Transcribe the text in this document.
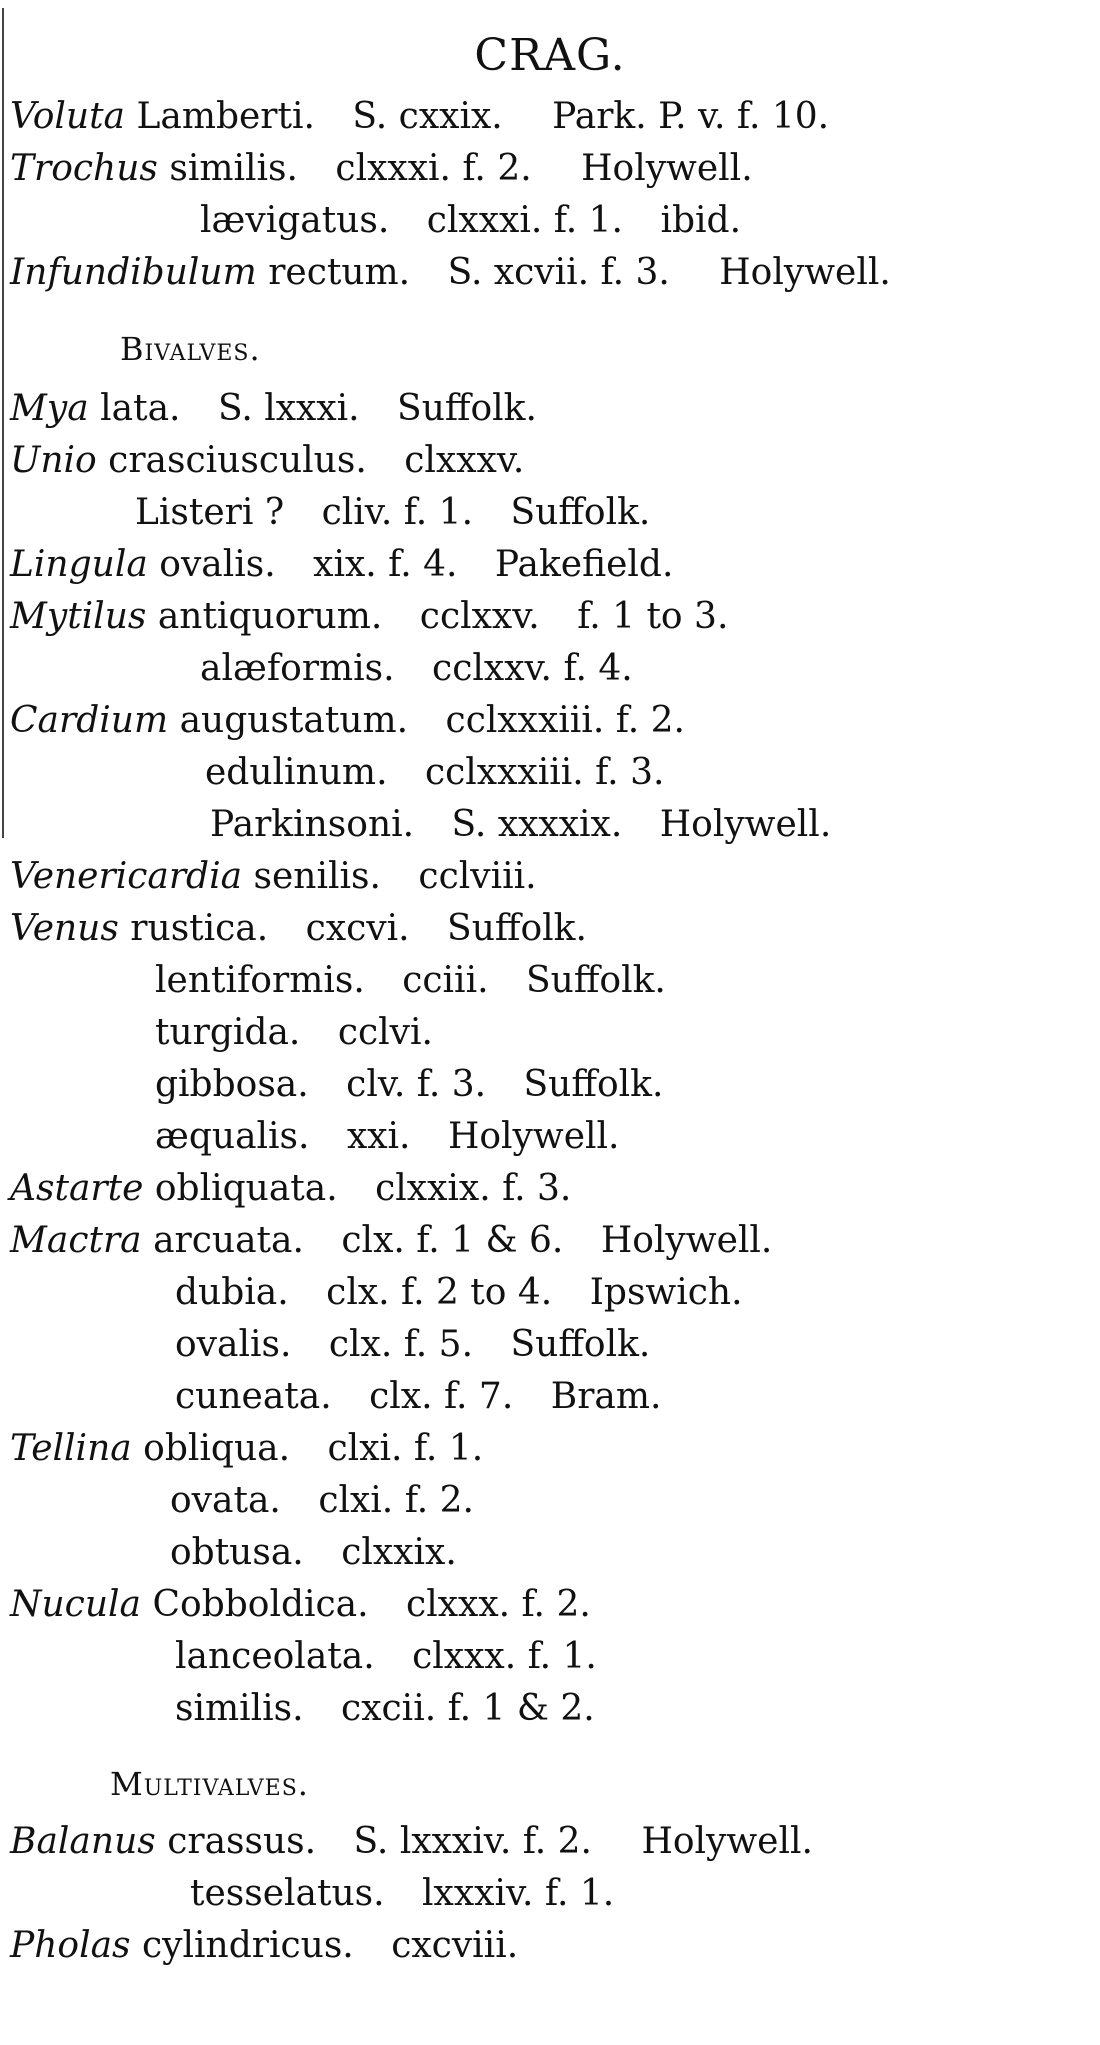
CRAG.
Voluta Lamberti. S. cxxix. Park. P. v. f. 10.
Trochus similis. clxxxi. f. 2. Holywell.
lævigatus. clxxxi. f. 1. ibid.
Infundibulum rectum. S. xcvii. f. 3. Holywell.
Bivalves.
Mya lata. S. lxxxi. Suffolk.
Unio crasciusculus. clxxxv.
Listeri ? cliv. f. 1. Suffolk.
Lingula ovalis. xix. f. 4. Pakefield.
Mytilus antiquorum. cclxxv. f. 1 to 3.
alæformis. cclxxv. f. 4.
Cardium augustatum. cclxxxiii. f. 2.
edulinum. cclxxxiii. f. 3.
Parkinsoni. S. xxxxix. Holywell.
Venericardia senilis. cclviii.
Venus rustica. cxcvi. Suffolk.
lentiformis. cciii. Suffolk.
turgida. cclvi.
gibbosa. clv. f. 3. Suffolk.
æqualis. xxi. Holywell.
Astarte obliquata. clxxix. f. 3.
Mactra arcuata. clx. f. 1 & 6. Holywell.
dubia. clx. f. 2 to 4. Ipswich.
ovalis. clx. f. 5. Suffolk.
cuneata. clx. f. 7. Bram.
Tellina obliqua. clxi. f. 1.
ovata. clxi. f. 2.
obtusa. clxxix.
Nucula Cobboldica. clxxx. f. 2.
lanceolata. clxxx. f. 1.
similis. cxcii. f. 1 & 2.
Multivalves.
Balanus crassus. S. lxxxiv. f. 2. Holywell.
tesselatus. lxxxiv. f. 1.
Pholas cylindricus. cxcviii.
